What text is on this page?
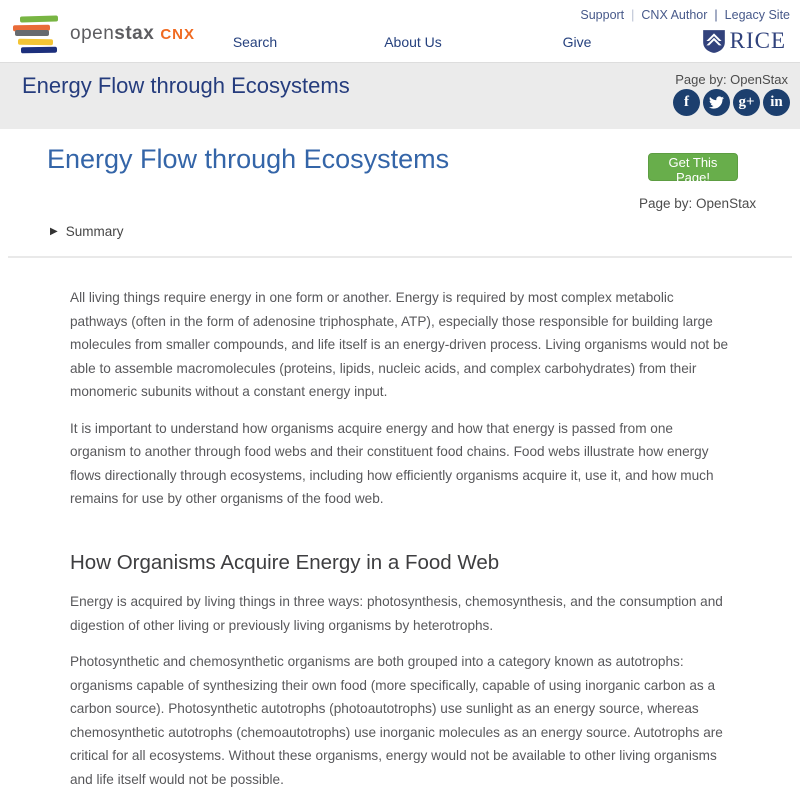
openstax CNX
Support | CNX Author | Legacy Site
Search	About Us	Give	RICE
Energy Flow through Ecosystems	Page by: OpenStax
f	g+	in
Energy Flow through Ecosystems	Get This Page!
Page by: OpenStax
▶ Summary

All living things require energy in one form or another. Energy is required by most complex metabolic pathways (often in the form of adenosine triphosphate, ATP), especially those responsible for building large molecules from smaller compounds, and life itself is an energy-driven process. Living organisms would not be able to assemble macromolecules (proteins, lipids, nucleic acids, and complex carbohydrates) from their monomeric subunits without a constant energy input.

It is important to understand how organisms acquire energy and how that energy is passed from one organism to another through food webs and their constituent food chains. Food webs illustrate how energy flows directionally through ecosystems, including how efficiently organisms acquire it, use it, and how much remains for use by other organisms of the food web.

How Organisms Acquire Energy in a Food Web

Energy is acquired by living things in three ways: photosynthesis, chemosynthesis, and the consumption and digestion of other living or previously living organisms by heterotrophs.

Photosynthetic and chemosynthetic organisms are both grouped into a category known as autotrophs: organisms capable of synthesizing their own food (more specifically, capable of using inorganic carbon as a carbon source). Photosynthetic autotrophs (photoautotrophs) use sunlight as an energy source, whereas chemosynthetic autotrophs (chemoautotrophs) use inorganic molecules as an energy source. Autotrophs are critical for all ecosystems. Without these organisms, energy would not be available to other living organisms and life itself would not be possible.
